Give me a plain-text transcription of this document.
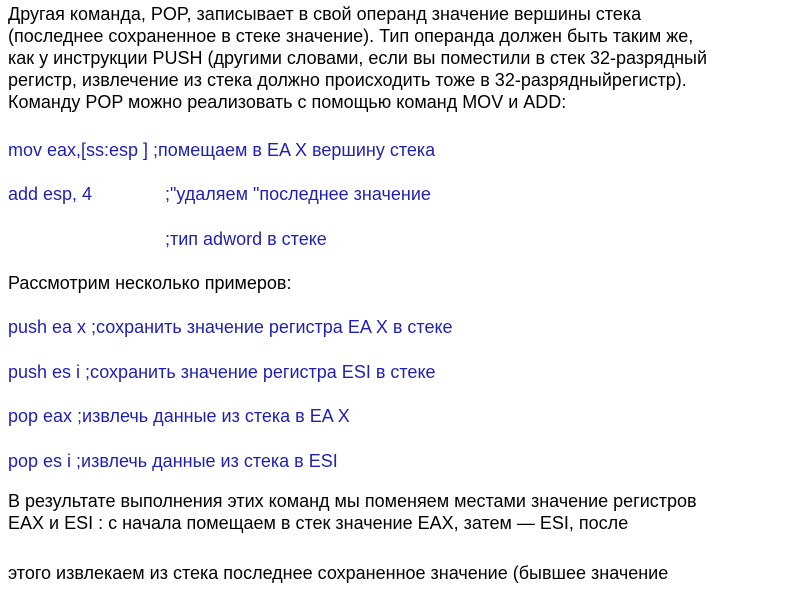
Другая команда, POP, записывает в свой операнд значение вершины стека
(последнее сохраненное в стеке значение). Тип операнда должен быть таким же,
как у инструкции PUSH (другими словами, если вы поместили в стек 32-разрядный
регистр, извлечение из стека должно происходить тоже в 32-разрядныйрегистр).
Команду POP можно реализовать с помощью команд MOV и ADD:

mov eax,[ss:esp ] ;помещаем в EA X вершину стека

add esp, 4	;"удаляем "последнее значение

;тип adword в стеке

Рассмотрим несколько примеров:

push ea x ;сохранить значение регистра EA X в стеке

push es i ;сохранить значение регистра ESI в стеке

pop eax ;извлечь данные из стека в EA X

pop es i ;извлечь данные из стека в ESI

В результате выполнения этих команд мы поменяем местами значение регистров
EAX и ESI : с начала помещаем в стек значение EAX, затем — ESI, после

этого извлекаем из стека последнее сохраненное значение (бывшее значение
